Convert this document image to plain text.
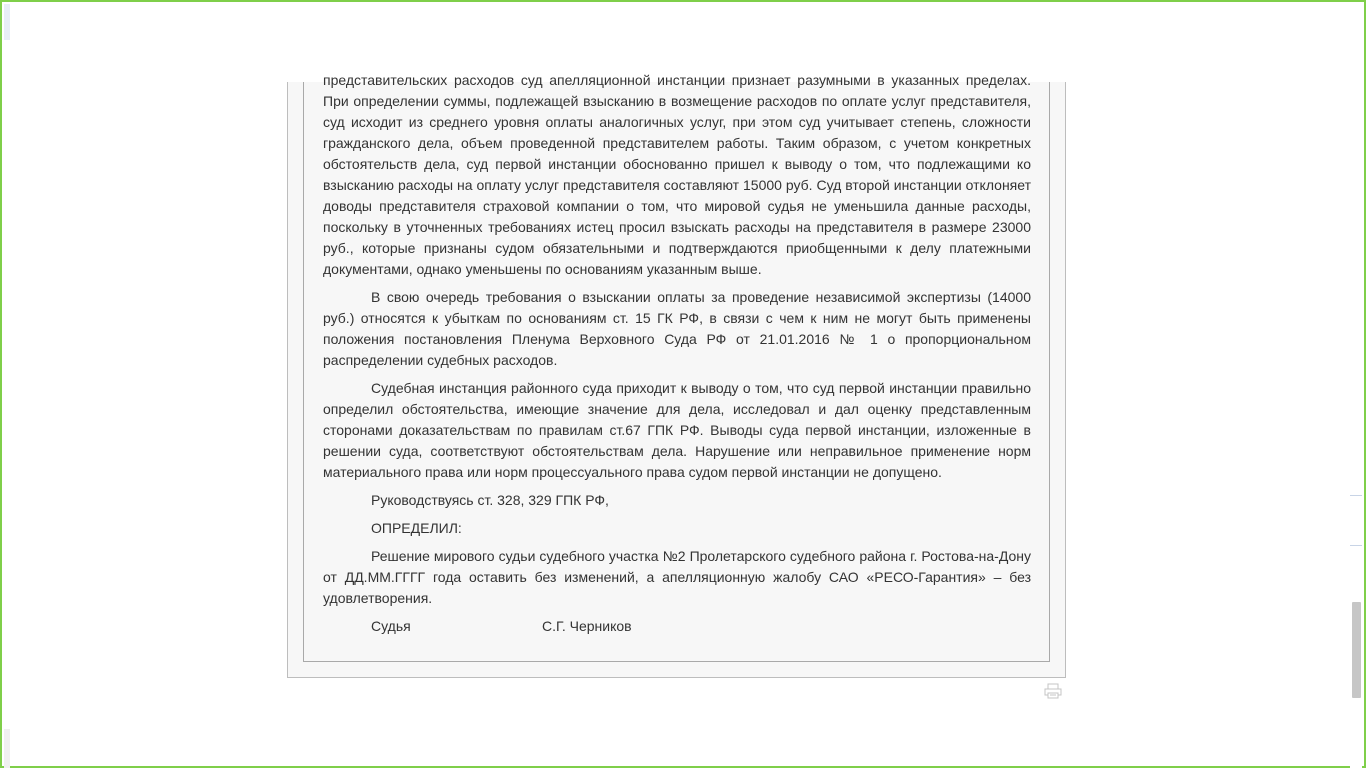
представительских расходов суд апелляционной инстанции признает разумными в указанных пределах. При определении суммы, подлежащей взысканию в возмещение расходов по оплате услуг представителя, суд исходит из среднего уровня оплаты аналогичных услуг, при этом суд учитывает степень, сложности гражданского дела, объем проведенной представителем работы. Таким образом, с учетом конкретных обстоятельств дела, суд первой инстанции обоснованно пришел к выводу о том, что подлежащими ко взысканию расходы на оплату услуг представителя составляют 15000 руб. Суд второй инстанции отклоняет доводы представителя страховой компании о том, что мировой судья не уменьшила данные расходы, поскольку в уточненных требованиях истец просил взыскать расходы на представителя в размере 23000 руб., которые признаны судом обязательными и подтверждаются приобщенными к делу платежными документами, однако уменьшены по основаниям указанным выше.

В свою очередь требования о взыскании оплаты за проведение независимой экспертизы (14000 руб.) относятся к убыткам по основаниям ст. 15 ГК РФ, в связи с чем к ним не могут быть применены положения постановления Пленума Верховного Суда РФ от 21.01.2016 № 1 о пропорциональном распределении судебных расходов.

Судебная инстанция районного суда приходит к выводу о том, что суд первой инстанции правильно определил обстоятельства, имеющие значение для дела, исследовал и дал оценку представленным сторонами доказательствам по правилам ст.67 ГПК РФ. Выводы суда первой инстанции, изложенные в решении суда, соответствуют обстоятельствам дела. Нарушение или неправильное применение норм материального права или норм процессуального права судом первой инстанции не допущено.

Руководствуясь ст. 328, 329 ГПК РФ,

ОПРЕДЕЛИЛ:

Решение мирового судьи судебного участка №2 Пролетарского судебного района г. Ростова-на-Дону от ДД.ММ.ГГГГ года оставить без изменений, а апелляционную жалобу САО «РЕСО-Гарантия» – без удовлетворения.

Судья	С.Г. Черников
